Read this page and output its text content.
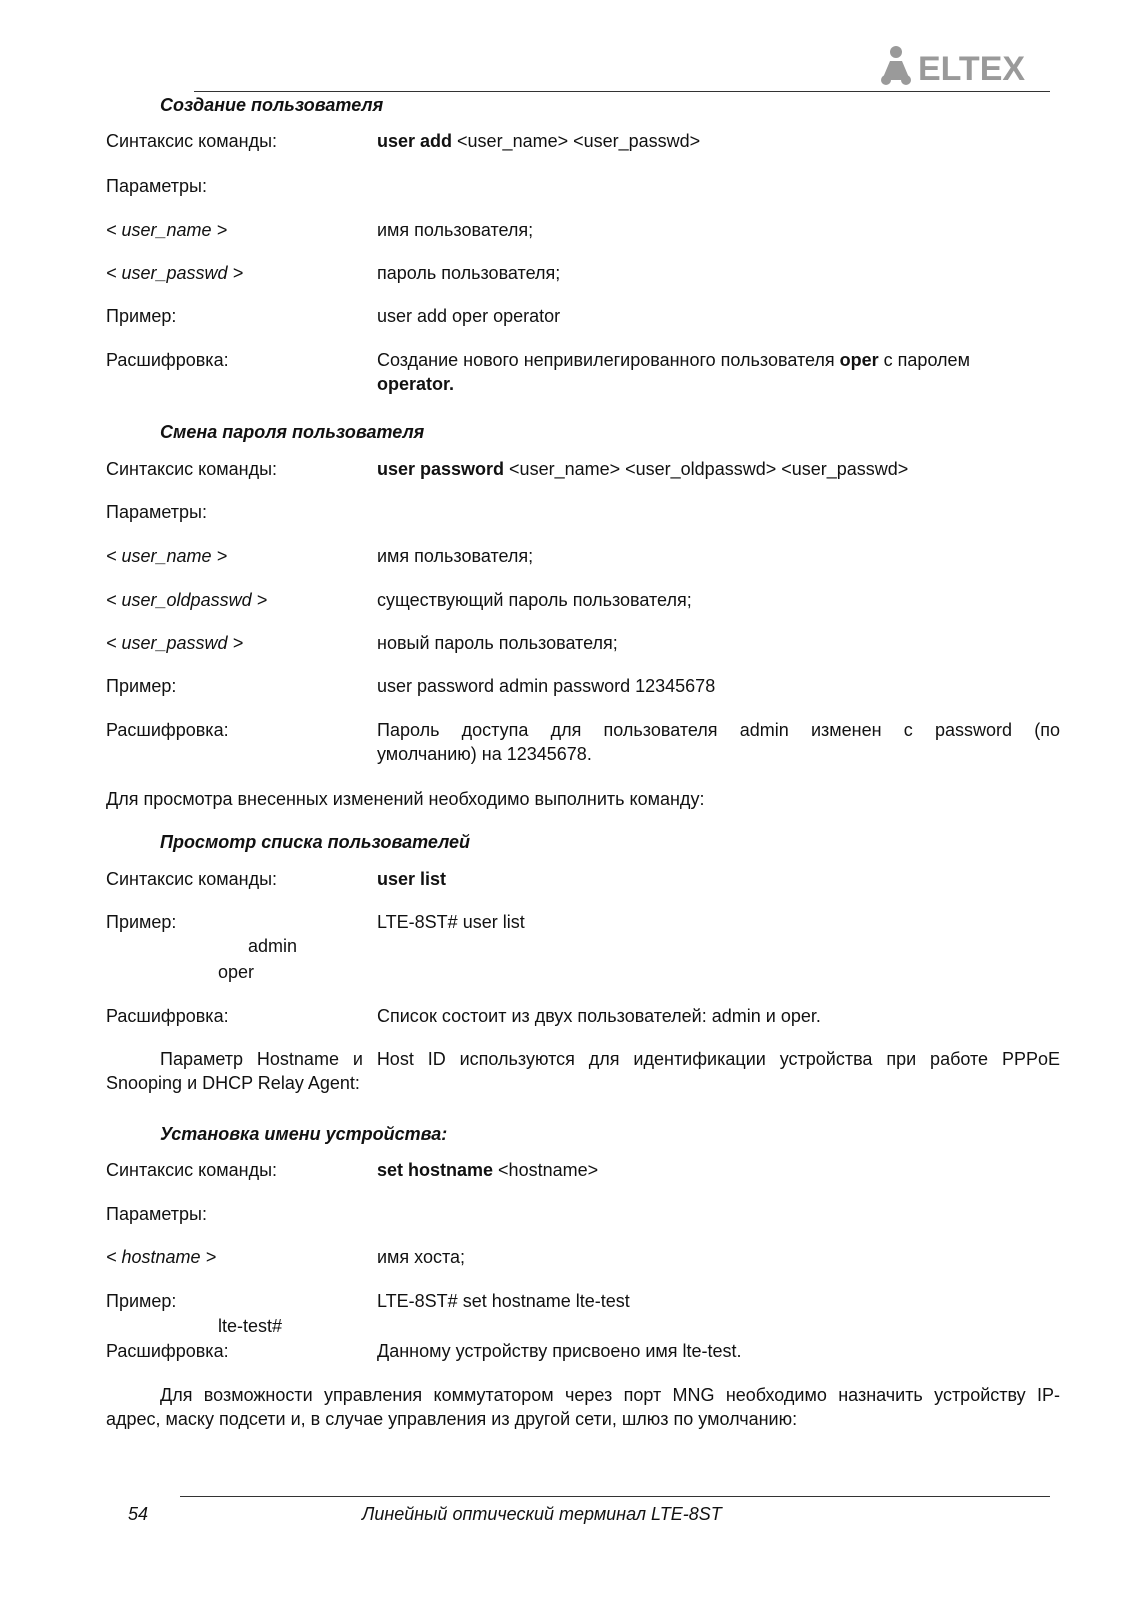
ELTEX
Создание пользователя
Синтаксис команды:	user add <user_name> <user_passwd>
Параметры:
< user_name >	имя пользователя;
< user_passwd >	пароль пользователя;
Пример:	user add oper operator
Расшифровка:	Создание нового непривилегированного пользователя oper с паролем
operator.
Смена пароля пользователя
Синтаксис команды:	user password <user_name> <user_oldpasswd> <user_passwd>
Параметры:
< user_name >	имя пользователя;
< user_oldpasswd >	существующий пароль пользователя;
< user_passwd >	новый пароль пользователя;
Пример:	user password admin password 12345678
Расшифровка:	Пароль доступа для пользователя admin изменен с password (по
умолчанию) на 12345678.
Для просмотра внесенных изменений необходимо выполнить команду:
Просмотр списка пользователей
Синтаксис команды:	user list
Пример:	LTE-8ST# user list
admin
oper
Расшифровка:	Список состоит из двух пользователей: admin и oper.
Параметр Hostname и Host ID используются для идентификации устройства при работе PPPoE
Snooping и DHCP Relay Agent:
Установка имени устройства:
Синтаксис команды:	set hostname <hostname>
Параметры:
< hostname >	имя хоста;
Пример:	LTE-8ST# set hostname lte-test
lte-test#
Расшифровка:	Данному устройству присвоено имя lte-test.
Для возможности управления коммутатором через порт MNG необходимо назначить устройству IP-
адрес, маску подсети и, в случае управления из другой сети, шлюз по умолчанию:
54	Линейный оптический терминал LTE-8ST
